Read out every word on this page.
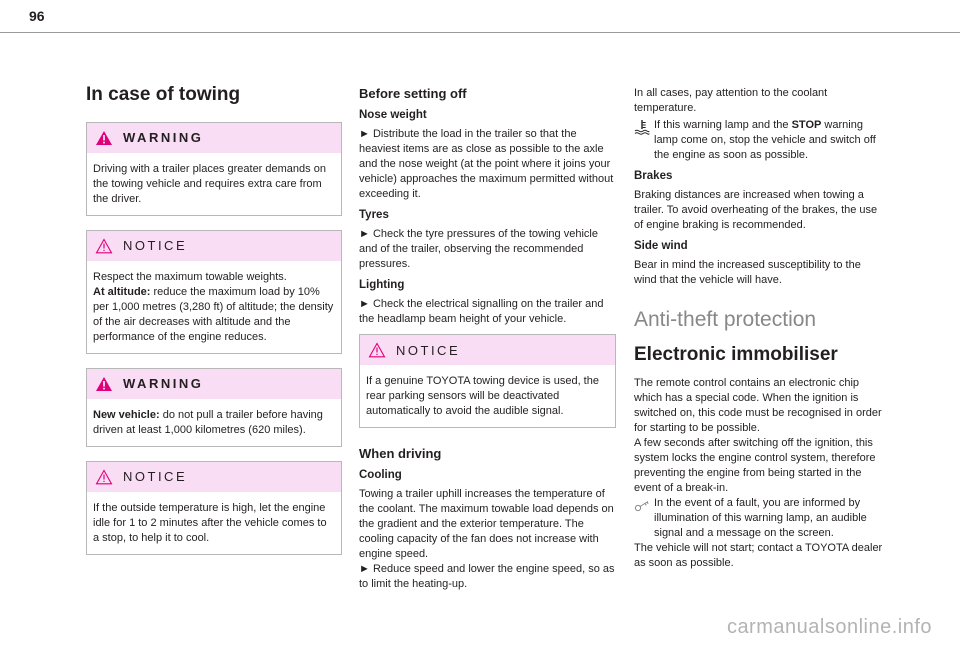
96
In case of towing
WARNING

Driving with a trailer places greater demands on the towing vehicle and requires extra care from the driver.

NOTICE

Respect the maximum towable weights.

At altitude: reduce the maximum load by 10% per 1,000 metres (3,280 ft) of altitude; the density of the air decreases with altitude and the performance of the engine reduces.

WARNING

New vehicle: do not pull a trailer before having driven at least 1,000 kilometres (620 miles).

NOTICE

If the outside temperature is high, let the engine idle for 1 to 2 minutes after the vehicle comes to a stop, to help it to cool.

Before setting off
Nose weight

► Distribute the load in the trailer so that the heaviest items are as close as possible to the axle and the nose weight (at the point where it joins your vehicle) approaches the maximum permitted without exceeding it.

Tyres

► Check the tyre pressures of the towing vehicle and of the trailer, observing the recommended pressures.

Lighting

► Check the electrical signalling on the trailer and the headlamp beam height of your vehicle.

NOTICE

If a genuine TOYOTA towing device is used, the rear parking sensors will be deactivated automatically to avoid the audible signal.

When driving
Cooling

Towing a trailer uphill increases the temperature of the coolant. The maximum towable load depends on the gradient and the exterior temperature. The cooling capacity of the fan does not increase with engine speed.

► Reduce speed and lower the engine speed, so as to limit the heating-up.

In all cases, pay attention to the coolant temperature.

If this warning lamp and the STOP warning lamp come on, stop the vehicle and switch off the engine as soon as possible.

Brakes

Braking distances are increased when towing a trailer. To avoid overheating of the brakes, the use of engine braking is recommended.

Side wind

Bear in mind the increased susceptibility to the wind that the vehicle will have.

Anti-theft protection
Electronic immobiliser

The remote control contains an electronic chip which has a special code. When the ignition is switched on, this code must be recognised in order for starting to be possible.

A few seconds after switching off the ignition, this system locks the engine control system, therefore preventing the engine from being started in the event of a break-in.

In the event of a fault, you are informed by illumination of this warning lamp, an audible signal and a message on the screen.

The vehicle will not start; contact a TOYOTA dealer as soon as possible.

carmanualsonline.info
